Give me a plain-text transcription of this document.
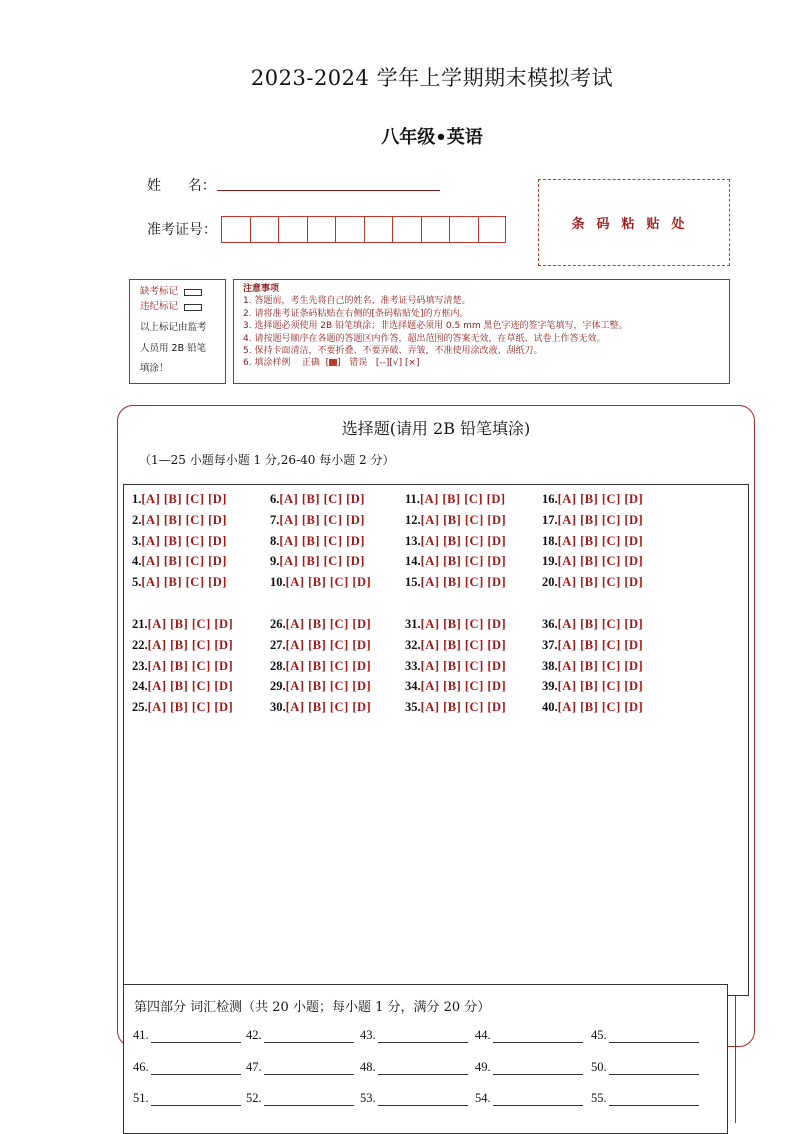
2023-2024 学年上学期期末模拟考试
八年级•英语
姓      名：
准考证号：	条码粘贴处
缺考标记
违纪标记
以上标记由监考
人员用 2B 铅笔
填涂！
注意事项
1. 答题前，考生先将自己的姓名、准考证号码填写清楚。
2. 请将准考证条码粘贴在右侧的[条码粘贴处]的方框内。
3. 选择题必须使用 2B 铅笔填涂；非选择题必须用 0.5 mm 黑色字迹的签字笔填写，字体工整。
4. 请按题号顺序在各题的答题区内作答，超出范围的答案无效，在草纸、试卷上作答无效。
5. 保持卡面清洁，不要折叠、不要弄破、弄皱，不准使用涂改液、刮纸刀。
6. 填涂样例 正确  [ ]   错误 [--][√] [×]
选择题(请用 2B 铅笔填涂)
（1—25 小题每小题 1 分,26-40 每小题 2 分）
1.[A] [B] [C] [D]
2.[A] [B] [C] [D]
3.[A] [B] [C] [D]
4.[A] [B] [C] [D]
5.[A] [B] [C] [D]
6.[A] [B] [C] [D]
7.[A] [B] [C] [D]
8.[A] [B] [C] [D]
9.[A] [B] [C] [D]
10.[A] [B] [C] [D]
11.[A] [B] [C] [D]
12.[A] [B] [C] [D]
13.[A] [B] [C] [D]
14.[A] [B] [C] [D]
15.[A] [B] [C] [D]
16.[A] [B] [C] [D]
17.[A] [B] [C] [D]
18.[A] [B] [C] [D]
19.[A] [B] [C] [D]
20.[A] [B] [C] [D]
21.[A] [B] [C] [D]
22.[A] [B] [C] [D]
23.[A] [B] [C] [D]
24.[A] [B] [C] [D]
25.[A] [B] [C] [D]
26.[A] [B] [C] [D]
27.[A] [B] [C] [D]
28.[A] [B] [C] [D]
29.[A] [B] [C] [D]
30.[A] [B] [C] [D]
31.[A] [B] [C] [D]
32.[A] [B] [C] [D]
33.[A] [B] [C] [D]
34.[A] [B] [C] [D]
35.[A] [B] [C] [D]
36.[A] [B] [C] [D]
37.[A] [B] [C] [D]
38.[A] [B] [C] [D]
39.[A] [B] [C] [D]
40.[A] [B] [C] [D]
第四部分 词汇检测（共 20 小题；每小题 1 分，满分 20 分）
41.	42.	43.	44.	45.
46.	47.	48.	49.	50.
51.	52.	53.	54.	55.
